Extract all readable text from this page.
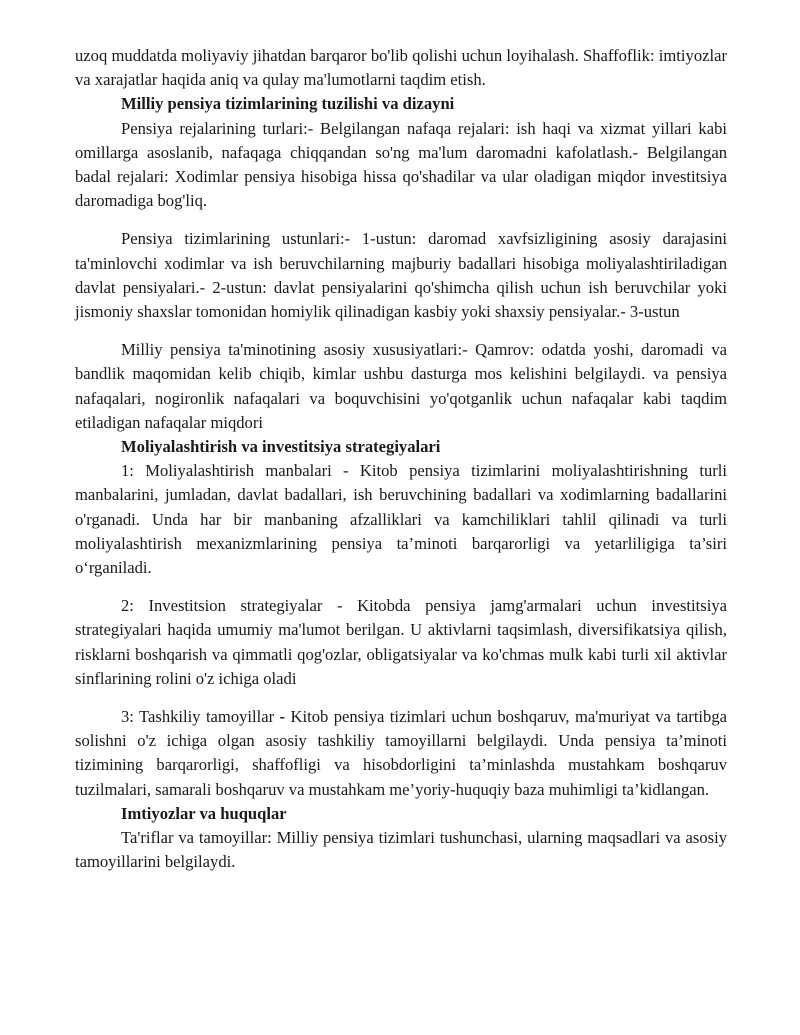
uzoq muddatda moliyaviy jihatdan barqaror bo'lib qolishi uchun loyihalash. Shaffoflik: imtiyozlar va xarajatlar haqida aniq va qulay ma'lumotlarni taqdim etish.

Milliy pensiya tizimlarining tuzilishi va dizayni

Pensiya rejalarining turlari:- Belgilangan nafaqa rejalari: ish haqi va xizmat yillari kabi omillarga asoslanib, nafaqaga chiqqandan so'ng ma'lum daromadni kafolatlash.- Belgilangan badal rejalari: Xodimlar pensiya hisobiga hissa qo'shadilar va ular oladigan miqdor investitsiya daromadiga bog'liq.

Pensiya tizimlarining ustunlari:- 1-ustun: daromad xavfsizligining asosiy darajasini ta'minlovchi xodimlar va ish beruvchilarning majburiy badallari hisobiga moliyalashtiriladigan davlat pensiyalari.- 2-ustun: davlat pensiyalarini qo'shimcha qilish uchun ish beruvchilar yoki jismoniy shaxslar tomonidan homiylik qilinadigan kasbiy yoki shaxsiy pensiyalar.- 3-ustun

Milliy pensiya ta'minotining asosiy xususiyatlari:- Qamrov: odatda yoshi, daromadi va bandlik maqomidan kelib chiqib, kimlar ushbu dasturga mos kelishini belgilaydi. va pensiya nafaqalari, nogironlik nafaqalari va boquvchisini yo'qotganlik uchun nafaqalar kabi taqdim etiladigan nafaqalar miqdori

Moliyalashtirish va investitsiya strategiyalari

1: Moliyalashtirish manbalari - Kitob pensiya tizimlarini moliyalashtirishning turli manbalarini, jumladan, davlat badallari, ish beruvchining badallari va xodimlarning badallarini o'rganadi. Unda har bir manbaning afzalliklari va kamchiliklari tahlil qilinadi va turli moliyalashtirish mexanizmlarining pensiya ta’minoti barqarorligi va yetarliligiga ta’siri o‘rganiladi.

2: Investitsion strategiyalar - Kitobda pensiya jamg'armalari uchun investitsiya strategiyalari haqida umumiy ma'lumot berilgan. U aktivlarni taqsimlash, diversifikatsiya qilish, risklarni boshqarish va qimmatli qog'ozlar, obligatsiyalar va ko'chmas mulk kabi turli xil aktivlar sinflarining rolini o'z ichiga oladi

3: Tashkiliy tamoyillar - Kitob pensiya tizimlari uchun boshqaruv, ma'muriyat va tartibga solishni o'z ichiga olgan asosiy tashkiliy tamoyillarni belgilaydi. Unda pensiya ta’minoti tizimining barqarorligi, shaffofligi va hisobdorligini ta’minlashda mustahkam boshqaruv tuzilmalari, samarali boshqaruv va mustahkam me’yoriy-huquqiy baza muhimligi ta’kidlangan.

Imtiyozlar va huquqlar

Ta'riflar va tamoyillar: Milliy pensiya tizimlari tushunchasi, ularning maqsadlari va asosiy tamoyillarini belgilaydi.
